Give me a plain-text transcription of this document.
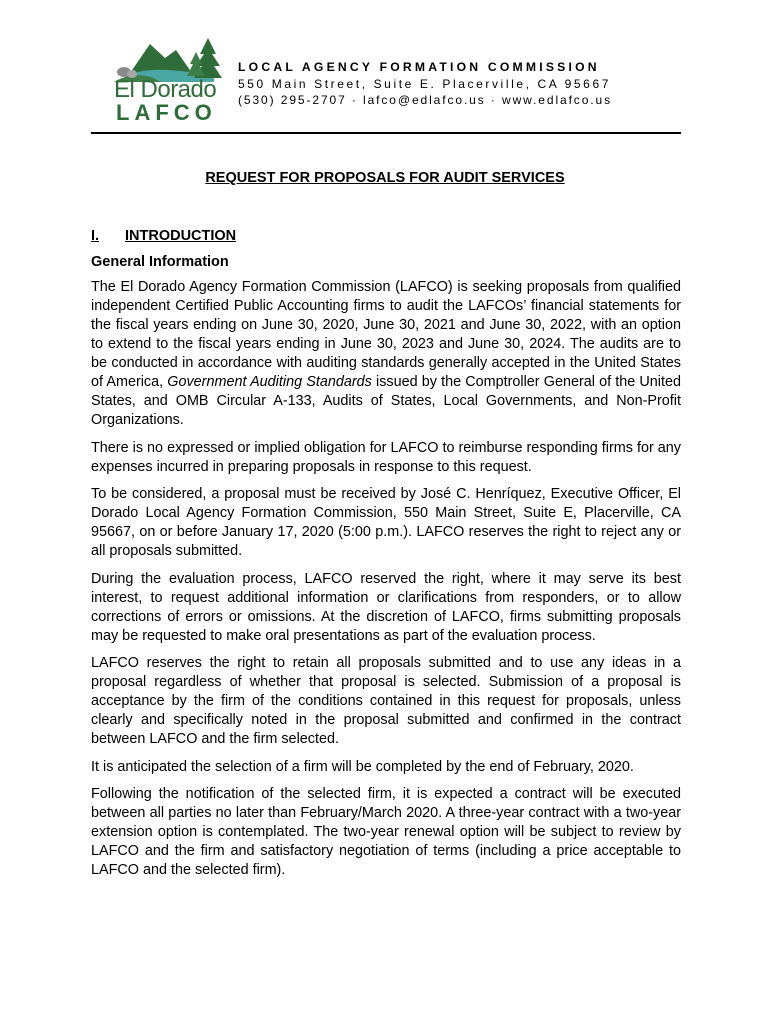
El Dorado
LAFCO
LOCAL AGENCY FORMATION COMMISSION
550 Main Street, Suite E. Placerville, CA 95667
(530) 295-2707 · lafco@edlafco.us · www.edlafco.us
REQUEST FOR PROPOSALS FOR AUDIT SERVICES
I. INTRODUCTION
General Information

The El Dorado Agency Formation Commission (LAFCO) is seeking proposals from qualified independent Certified Public Accounting firms to audit the LAFCOs’ financial statements for the fiscal years ending on June 30, 2020, June 30, 2021 and June 30, 2022, with an option to extend to the fiscal years ending in June 30, 2023 and June 30, 2024. The audits are to be conducted in accordance with auditing standards generally accepted in the United States of America, Government Auditing Standards issued by the Comptroller General of the United States, and OMB Circular A-133, Audits of States, Local Governments, and Non-Profit Organizations.

There is no expressed or implied obligation for LAFCO to reimburse responding firms for any expenses incurred in preparing proposals in response to this request.

To be considered, a proposal must be received by José C. Henríquez, Executive Officer, El Dorado Local Agency Formation Commission, 550 Main Street, Suite E, Placerville, CA 95667, on or before January 17, 2020 (5:00 p.m.). LAFCO reserves the right to reject any or all proposals submitted.

During the evaluation process, LAFCO reserved the right, where it may serve its best interest, to request additional information or clarifications from responders, or to allow corrections of errors or omissions. At the discretion of LAFCO, firms submitting proposals may be requested to make oral presentations as part of the evaluation process.

LAFCO reserves the right to retain all proposals submitted and to use any ideas in a proposal regardless of whether that proposal is selected. Submission of a proposal is acceptance by the firm of the conditions contained in this request for proposals, unless clearly and specifically noted in the proposal submitted and confirmed in the contract between LAFCO and the firm selected.

It is anticipated the selection of a firm will be completed by the end of February, 2020.

Following the notification of the selected firm, it is expected a contract will be executed between all parties no later than February/March 2020. A three-year contract with a two-year extension option is contemplated. The two-year renewal option will be subject to review by LAFCO and the firm and satisfactory negotiation of terms (including a price acceptable to LAFCO and the selected firm).
